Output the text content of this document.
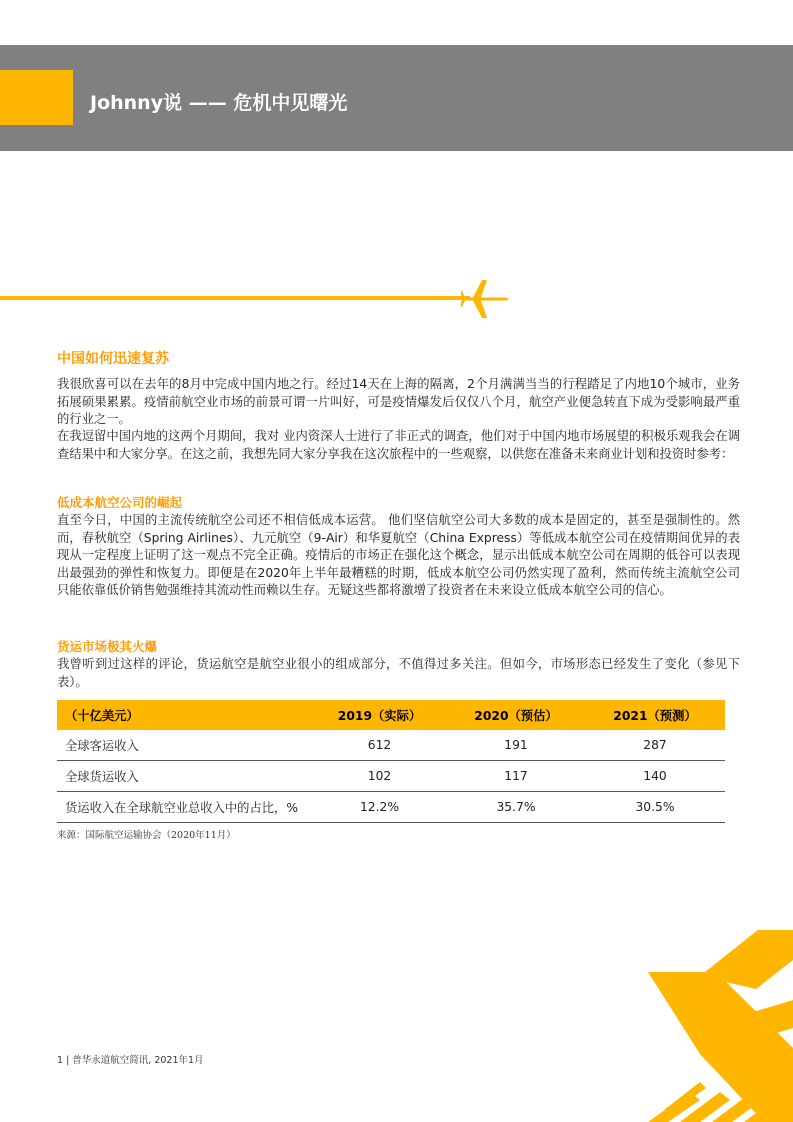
Johnny说 —— 危机中见曙光
中国如何迅速复苏
我很欣喜可以在去年的8月中完成中国内地之行。经过14天在上海的隔离，2个月满满当当的行程踏足了内地10个城市，业务拓展硕果累累。疫情前航空业市场的前景可谓一片叫好，可是疫情爆发后仅仅八个月，航空产业便急转直下成为受影响最严重的行业之一。
在我逗留中国内地的这两个月期间，我对 业内资深人士进行了非正式的调查，他们对于中国内地市场展望的积极乐观我会在调查结果中和大家分享。在这之前，我想先同大家分享我在这次旅程中的一些观察，以供您在准备未来商业计划和投资时参考：
低成本航空公司的崛起
直至今日，中国的主流传统航空公司还不相信低成本运营。 他们坚信航空公司大多数的成本是固定的，甚至是强制性的。然而，春秋航空（Spring Airlines）、九元航空（9-Air）和华夏航空（China Express）等低成本航空公司在疫情期间优异的表现从一定程度上证明了这一观点不完全正确。疫情后的市场正在强化这个概念，显示出低成本航空公司在周期的低谷可以表现出最强劲的弹性和恢复力。即便是在2020年上半年最糟糕的时期，低成本航空公司仍然实现了盈利，然而传统主流航空公司只能依靠低价销售勉强维持其流动性而赖以生存。无疑这些都将激增了投资者在未来设立低成本航空公司的信心。
货运市场极其火爆
我曾听到过这样的评论，货运航空是航空业很小的组成部分，不值得过多关注。但如今，市场形态已经发生了变化（参见下表）。
（十亿美元）	2019（实际）	2020（预估）	2021（预测）
全球客运收入	612	191	287
全球货运收入	102	117	140
货运收入在全球航空业总收入中的占比，%	12.2%	35.7%	30.5%
来源：国际航空运输协会（2020年11月）
1 | 普华永道航空简讯, 2021年1月
